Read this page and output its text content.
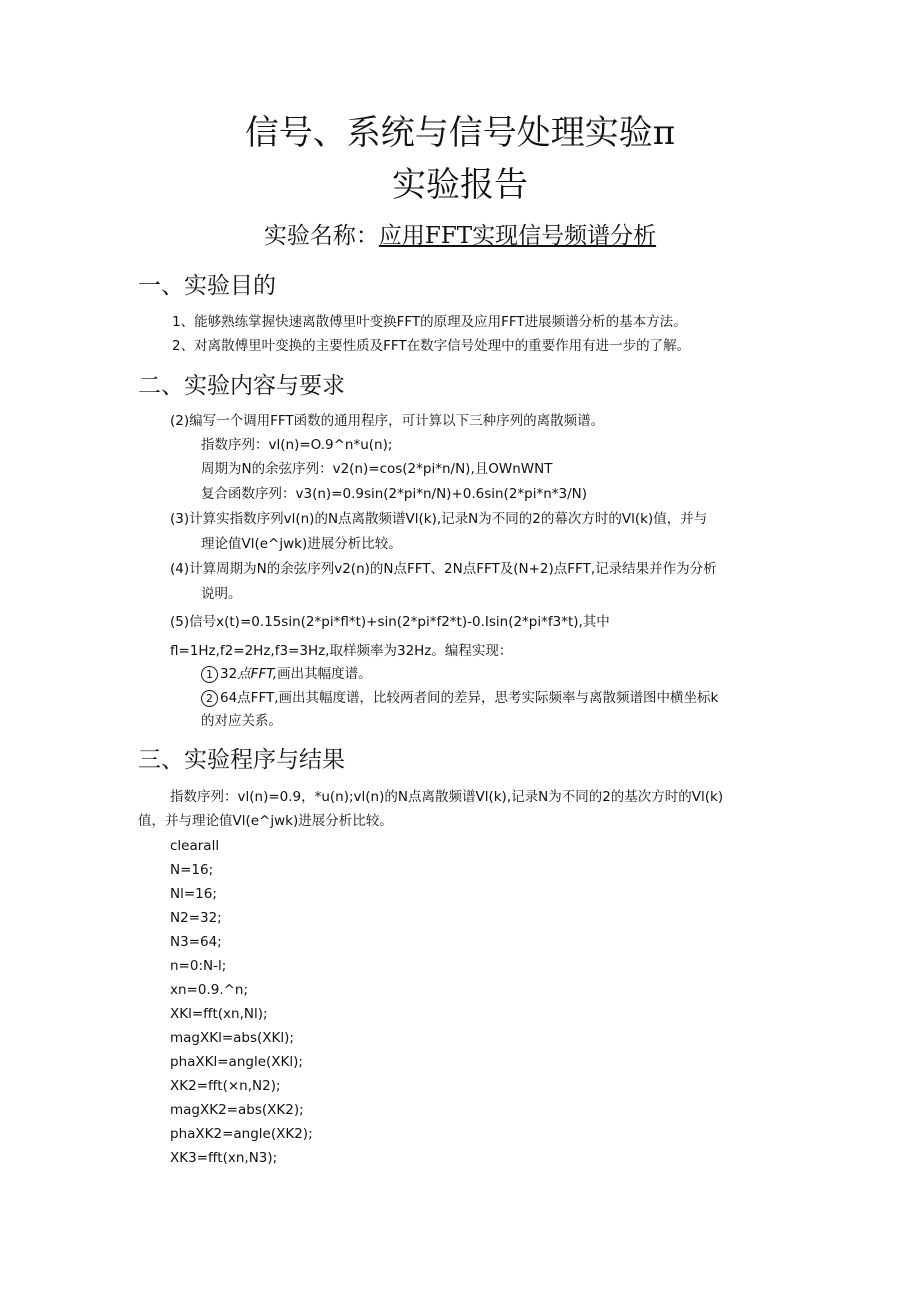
信号、系统与信号处理实验π
实验报告
实验名称：应用FFT实现信号频谱分析
一、实验目的
1、能够熟练掌握快速离散傅里叶变换FFT的原理及应用FFT进展频谱分析的基本方法。
2、对离散傅里叶变换的主要性质及FFT在数字信号处理中的重要作用有进一步的了解。
二、实验内容与要求
(2)编写一个调用FFT函数的通用程序，可计算以下三种序列的离散频谱。
指数序列：vl(n)=O.9^n*u(n);
周期为N的余弦序列：v2(n)=cos(2*pi*n∕N),且OWnWNT
复合函数序列：v3(n)=0.9sin(2*pi*n∕N)+0.6sin(2*pi*n*3∕N)
(3)计算实指数序列vl(n)的N点离散频谱Vl(k),记录N为不同的2的幕次方时的Vl(k)值，并与
理论值Vl(e^jwk)进展分析比较。
(4)计算周期为N的余弦序列v2(n)的N点FFT、2N点FFT及(N+2)点FFT,记录结果并作为分析
说明。
(5)信号x(t)=0.15sin(2*pi*fl*t)+sin(2*pi*f2*t)-0.Isin(2*pi*f3*t),其中
fl=1Hz,f2=2Hz,f3=3Hz,取样频率为32Hz。编程实现：
1 32点FFT,画出其幅度谱。
2 64点FFT,画出其幅度谱，比较两者间的差异，思考实际频率与离散频谱图中横坐标k
的对应关系。
三、实验程序与结果
指数序列：vl(n)=0.9，*u(n);vl(n)的N点离散频谱Vl(k),记录N为不同的2的基次方时的Vl(k)
值，并与理论值Vl(e^jwk)进展分析比较。
clearall
N=16;
Nl=16;
N2=32;
N3=64;
n=0:N-l;
xn=0.9.^n;
XKl=fft(xn,Nl);
magXKl=abs(XKl);
phaXKl=angle(XKl);
XK2=fft(×n,N2);
magXK2=abs(XK2);
phaXK2=angle(XK2);
XK3=fft(xn,N3);
